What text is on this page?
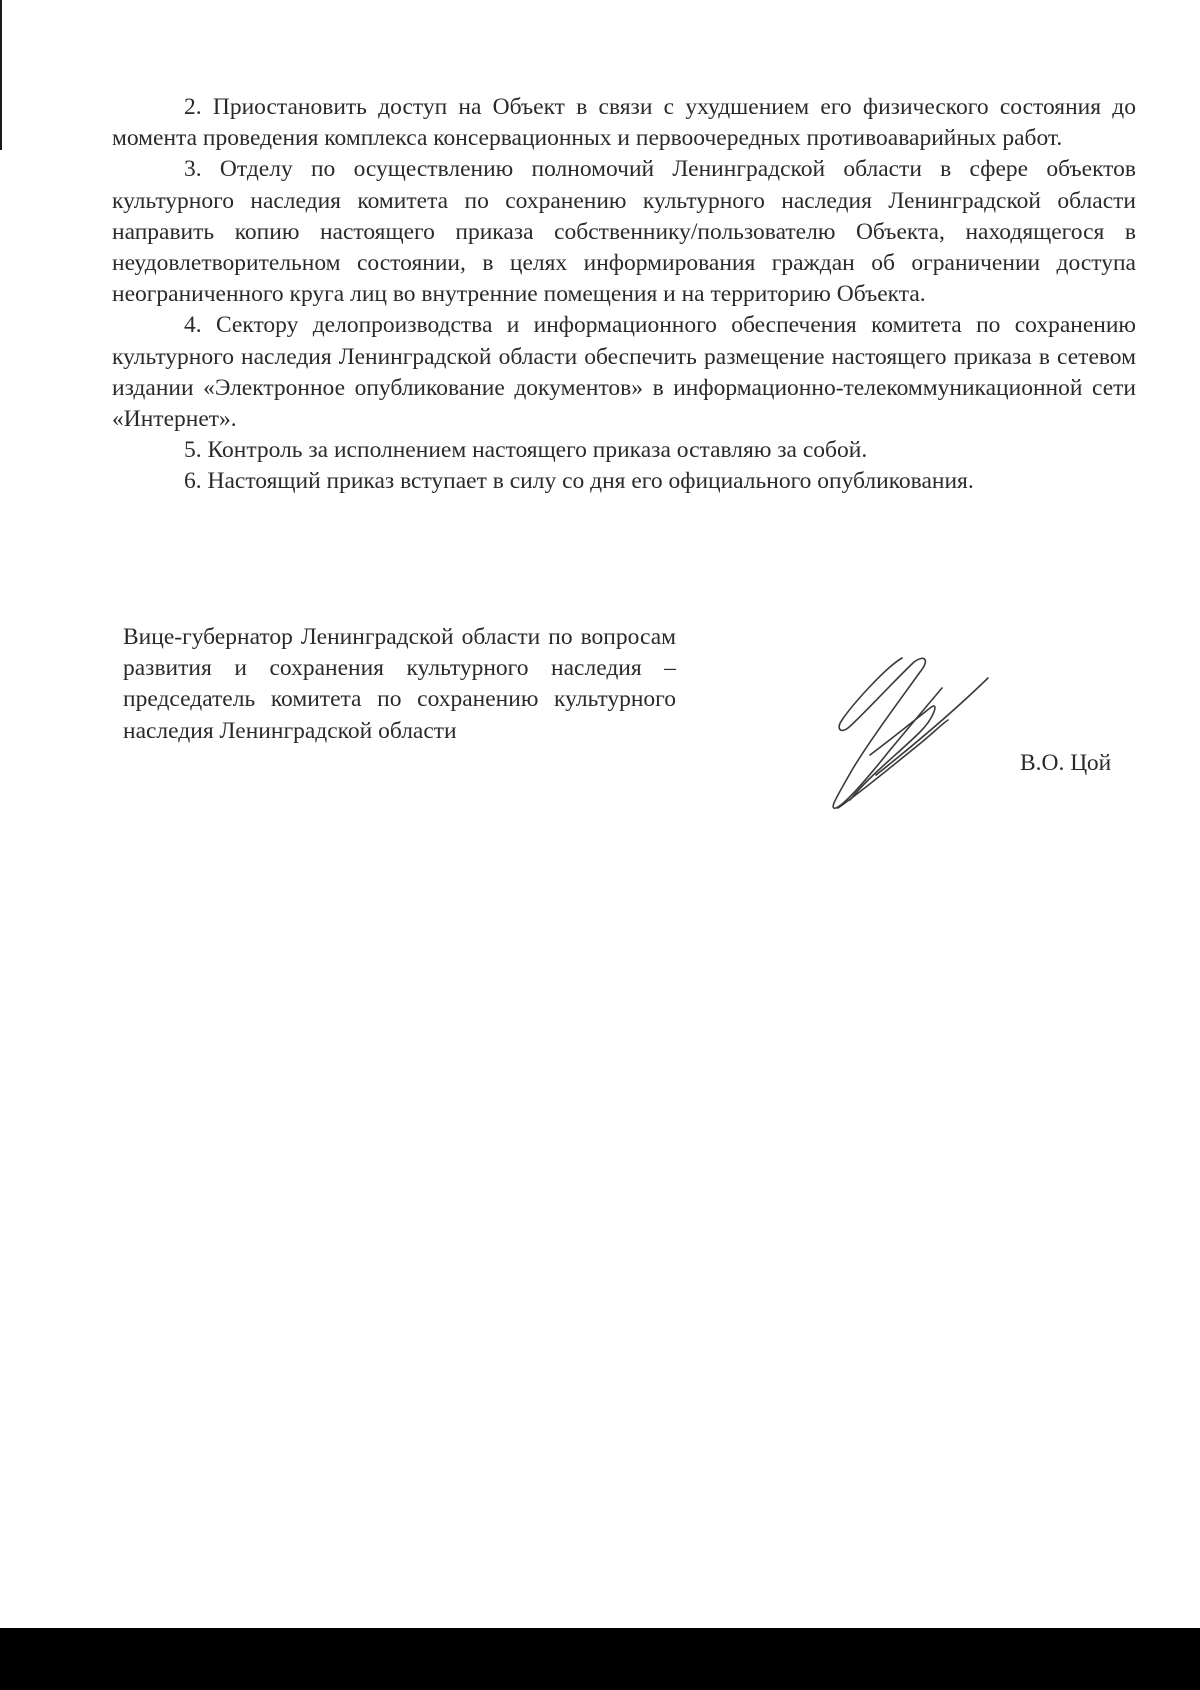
2. Приостановить доступ на Объект в связи с ухудшением его физического состояния до момента проведения комплекса консервационных и первоочередных противоаварийных работ.

3. Отделу по осуществлению полномочий Ленинградской области в сфере объектов культурного наследия комитета по сохранению культурного наследия Ленинградской области направить копию настоящего приказа собственнику/пользователю Объекта, находящегося в неудовлетворительном состоянии, в целях информирования граждан об ограничении доступа неограниченного круга лиц во внутренние помещения и на территорию Объекта.

4. Сектору делопроизводства и информационного обеспечения комитета по сохранению культурного наследия Ленинградской области обеспечить размещение настоящего приказа в сетевом издании «Электронное опубликование документов» в информационно-телекоммуникационной сети «Интернет».

5. Контроль за исполнением настоящего приказа оставляю за собой.

6. Настоящий приказ вступает в силу со дня его официального опубликования.

Вице-губернатор Ленинградской области по вопросам развития и сохранения культурного наследия – председатель комитета по сохранению культурного наследия Ленинградской области
В.О. Цой
